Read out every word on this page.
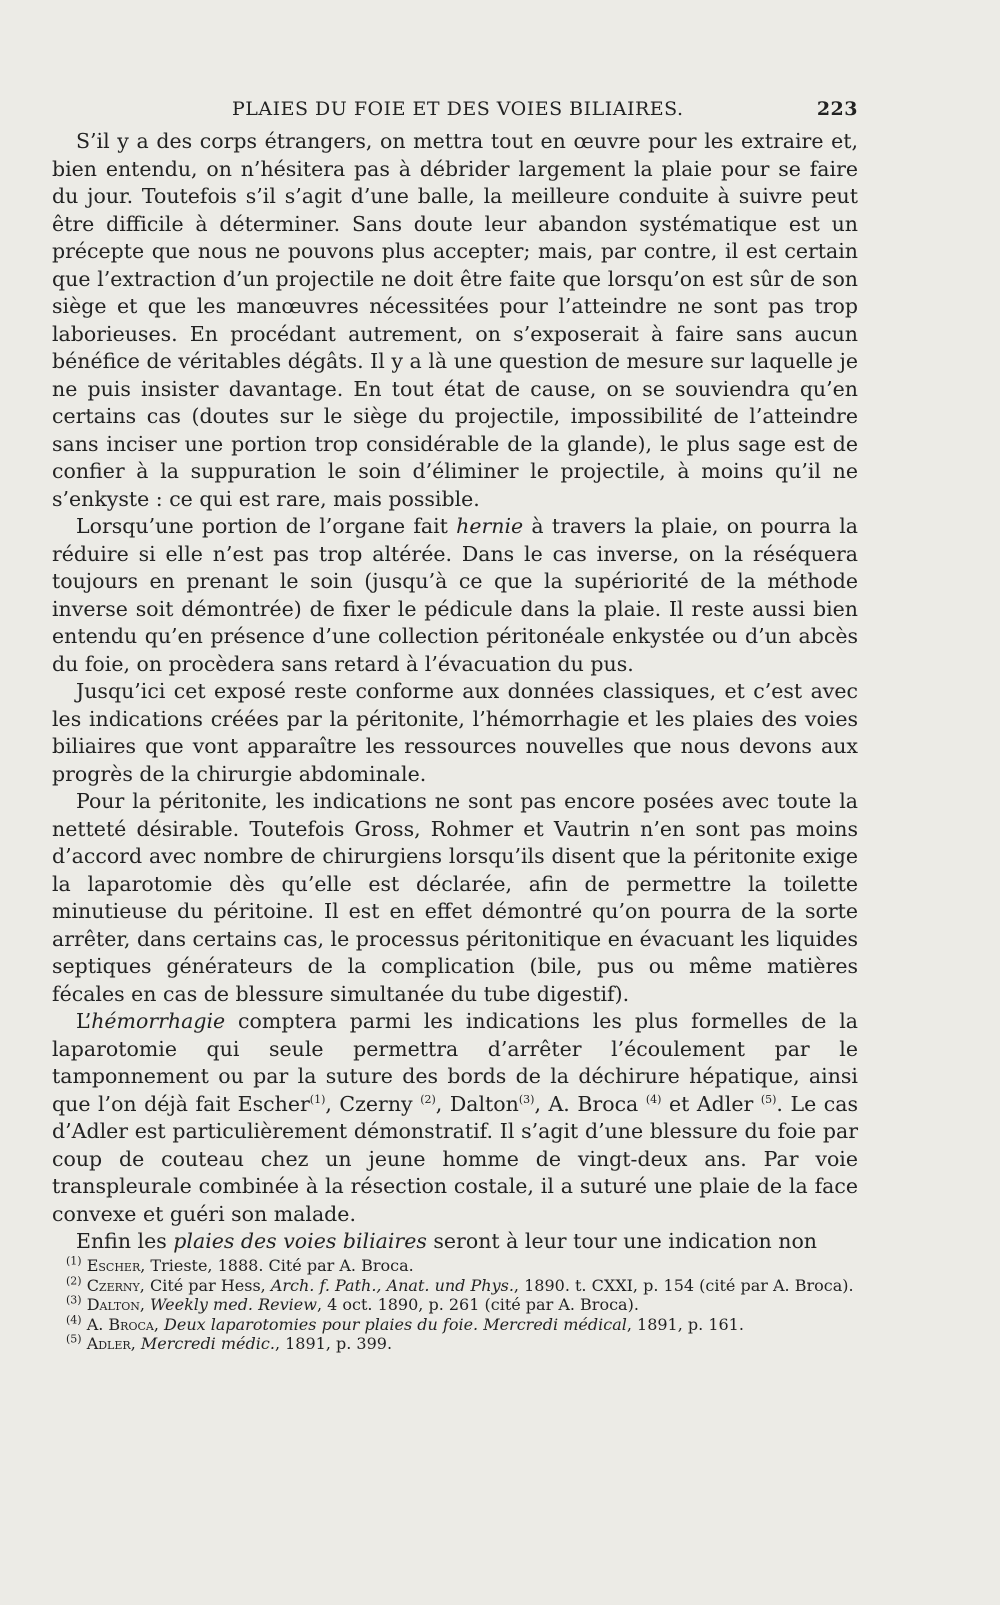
PLAIES DU FOIE ET DES VOIES BILIAIRES.	223

S’il y a des corps étrangers, on mettra tout en œuvre pour les extraire et, bien entendu, on n’hésitera pas à débrider largement la plaie pour se faire du jour. Toutefois s’il s’agit d’une balle, la meilleure conduite à suivre peut être difficile à déterminer. Sans doute leur abandon systématique est un précepte que nous ne pouvons plus accepter; mais, par contre, il est certain que l’extraction d’un projectile ne doit être faite que lorsqu’on est sûr de son siège et que les manœuvres nécessitées pour l’atteindre ne sont pas trop laborieuses. En procédant autrement, on s’exposerait à faire sans aucun bénéfice de véritables dégâts. Il y a là une question de mesure sur laquelle je ne puis insister davantage. En tout état de cause, on se souviendra qu’en certains cas (doutes sur le siège du projectile, impossibilité de l’atteindre sans inciser une portion trop considérable de la glande), le plus sage est de confier à la suppuration le soin d’éliminer le projectile, à moins qu’il ne s’enkyste : ce qui est rare, mais possible.

Lorsqu’une portion de l’organe fait hernie à travers la plaie, on pourra la réduire si elle n’est pas trop altérée. Dans le cas inverse, on la réséquera toujours en prenant le soin (jusqu’à ce que la supériorité de la méthode inverse soit démontrée) de fixer le pédicule dans la plaie. Il reste aussi bien entendu qu’en présence d’une collection péritonéale enkystée ou d’un abcès du foie, on procèdera sans retard à l’évacuation du pus.

Jusqu’ici cet exposé reste conforme aux données classiques, et c’est avec les indications créées par la péritonite, l’hémorrhagie et les plaies des voies biliaires que vont apparaître les ressources nouvelles que nous devons aux progrès de la chirurgie abdominale.

Pour la péritonite, les indications ne sont pas encore posées avec toute la netteté désirable. Toutefois Gross, Rohmer et Vautrin n’en sont pas moins d’accord avec nombre de chirurgiens lorsqu’ils disent que la péritonite exige la laparotomie dès qu’elle est déclarée, afin de permettre la toilette minutieuse du péritoine. Il est en effet démontré qu’on pourra de la sorte arrêter, dans certains cas, le processus péritonitique en évacuant les liquides septiques générateurs de la complication (bile, pus ou même matières fécales en cas de blessure simultanée du tube digestif).

L’hémorrhagie comptera parmi les indications les plus formelles de la laparotomie qui seule permettra d’arrêter l’écoulement par le tamponnement ou par la suture des bords de la déchirure hépatique, ainsi que l’on déjà fait Escher$^{(1)}$, Czerny $^{(2)}$, Dalton$^{(3)}$, A. Broca $^{(4)}$ et Adler $^{(5)}$. Le cas d’Adler est particulièrement démonstratif. Il s’agit d’une blessure du foie par coup de couteau chez un jeune homme de vingt-deux ans. Par voie transpleurale combinée à la résection costale, il a suturé une plaie de la face convexe et guéri son malade.

Enfin les plaies des voies biliaires seront à leur tour une indication non

$^{(1)}$ Escher, Trieste, 1888. Cité par A. Broca.

$^{(2)}$ Czerny, Cité par Hess, Arch. f. Path., Anat. und Phys., 1890. t. CXXI, p. 154 (cité par A. Broca).

$^{(3)}$ Dalton, Weekly med. Review, 4 oct. 1890, p. 261 (cité par A. Broca).

$^{(4)}$ A. Broca, Deux laparotomies pour plaies du foie. Mercredi médical, 1891, p. 161.

$^{(5)}$ Adler, Mercredi médic., 1891, p. 399.
